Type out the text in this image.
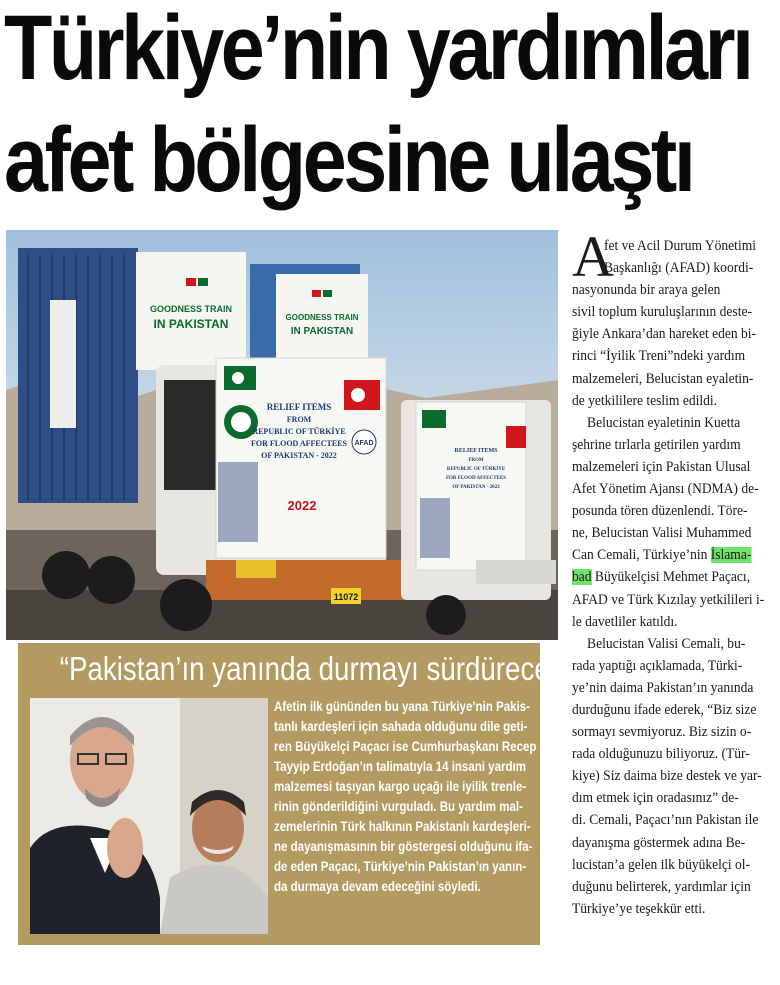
Türkiye’nin yardımları
afet bölgesine ulaştı
GOODNESS TRAIN
IN PAKISTAN	GOODNESS TRAIN
IN PAKISTAN
RELIEF ITEMS
FROM
REPUBLIC OF TÜRKİYE
FOR FLOOD AFFECTEES
OF PAKISTAN - 2022
2022
AFAD
11072
RELIEF ITEMS
FROM
REPUBLIC OF TÜRKİYE
FOR FLOOD AFFECTEES
OF PAKISTAN - 2022
“Pakistan’ın yanında durmayı sürdüreceğiz”
Afetin ilk gününden bu yana Türkiye’nin Pakis-
tanlı kardeşleri için sahada olduğunu dile geti-
ren Büyükelçi Paçacı ise Cumhurbaşkanı Recep
Tayyip Erdoğan’ın talimatıyla 14 insani yardım
malzemesi taşıyan kargo uçağı ile iyilik trenle-
rinin gönderildiğini vurguladı. Bu yardım mal-
zemelerinin Türk halkının Pakistanlı kardeşleri-
ne dayanışmasının bir göstergesi olduğunu ifa-
de eden Paçacı, Türkiye’nin Pakistan’ın yanın-
da durmaya devam edeceğini söyledi.
A
fet ve Acil Durum Yönetimi
Başkanlığı (AFAD) koordi-
nasyonunda bir araya gelen
sivil toplum kuruluşlarının deste-
ğiyle Ankara’dan hareket eden bi-
rinci “İyilik Treni”ndeki yardım
malzemeleri, Belucistan eyaletin-
de yetkililere teslim edildi.
Belucistan eyaletinin Kuetta
şehrine tırlarla getirilen yardım
malzemeleri için Pakistan Ulusal
Afet Yönetim Ajansı (NDMA) de-
posunda tören düzenlendi. Töre-
ne, Belucistan Valisi Muhammed
Can Cemali, Türkiye’nin İslama-
bad Büyükelçisi Mehmet Paçacı,
AFAD ve Türk Kızılay yetkilileri i-
le davetliler katıldı.
Belucistan Valisi Cemali, bu-
rada yaptığı açıklamada, Türki-
ye’nin daima Pakistan’ın yanında
durduğunu ifade ederek, “Biz size
sormayı sevmiyoruz. Biz sizin o-
rada olduğunuzu biliyoruz. (Tür-
kiye) Siz daima bize destek ve yar-
dım etmek için oradasınız” de-
di. Cemali, Paçacı’nın Pakistan ile
dayanışma göstermek adına Be-
lucistan’a gelen ilk büyükelçi ol-
duğunu belirterek, yardımlar için
Türkiye’ye teşekkür etti.
